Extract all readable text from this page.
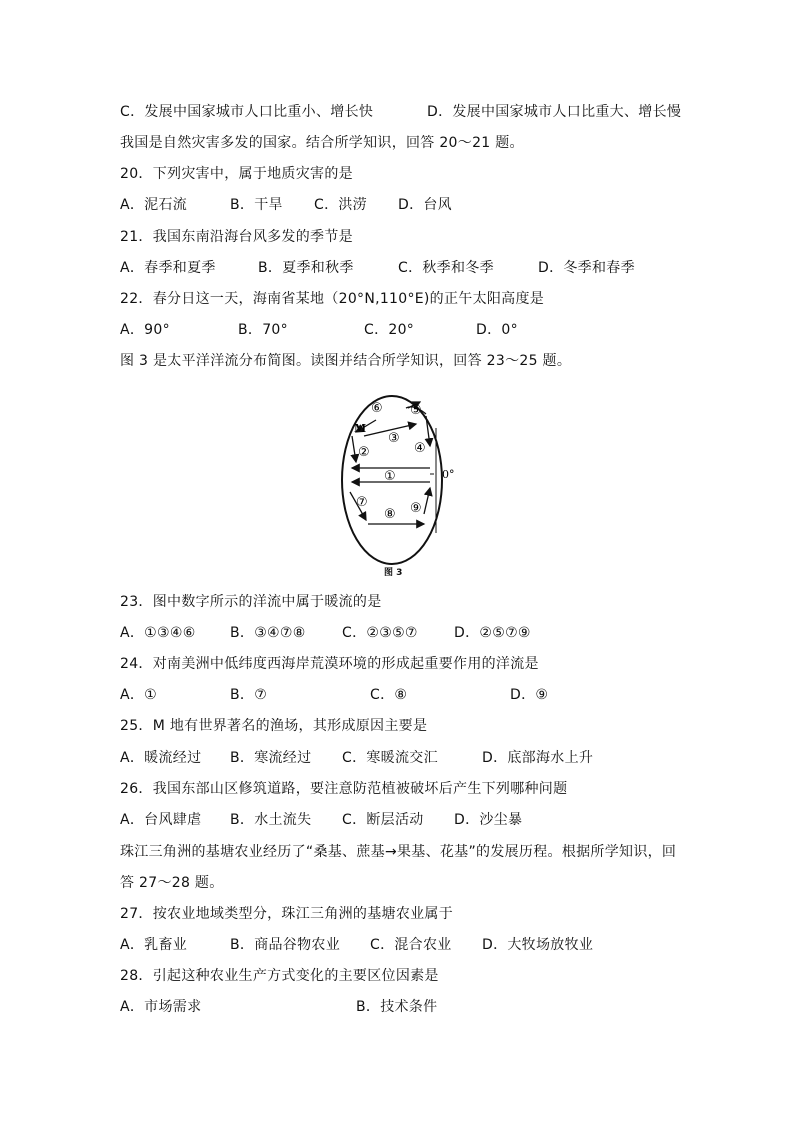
C．发展中国家城市人口比重小、增长快	D．发展中国家城市人口比重大、增长慢
我国是自然灾害多发的国家。结合所学知识，回答 20～21 题。
20．下列灾害中，属于地质灾害的是
A．泥石流	B．干旱 C．洪涝 D．台风
21．我国东南沿海台风多发的季节是
A．春季和夏季	B．夏季和秋季	C．秋季和冬季	D．冬季和春季
22．春分日这一天，海南省某地（20°N,110°E)的正午太阳高度是
A．90°	B．70°	C．20°	D．0°
图 3 是太平洋洋流分布简图。读图并结合所学知识，回答 23～25 题。
⑥ ⑤
M
②
③
④
①	0°
⑦	⑨
⑧
图 3
23．图中数字所示的洋流中属于暖流的是
A．①③④⑥ B．③④⑦⑧	C．②③⑤⑦	D．②⑤⑦⑨
24．对南美洲中低纬度西海岸荒漠环境的形成起重要作用的洋流是
A．①	B．⑦	C．⑧	D．⑨
25．M 地有世界著名的渔场，其形成原因主要是
A．暖流经过 B．寒流经过 C．寒暖流交汇	D．底部海水上升
26．我国东部山区修筑道路，要注意防范植被破坏后产生下列哪种问题
A．台风肆虐 B．水土流失 C．断层活动 D．沙尘暴
珠江三角洲的基塘农业经历了“桑基、蔗基→果基、花基”的发展历程。根据所学知识，回
答 27～28 题。
27．按农业地域类型分，珠江三角洲的基塘农业属于
A．乳畜业	B．商品谷物农业 C．混合农业 D．大牧场放牧业
28．引起这种农业生产方式变化的主要区位因素是
A．市场需求	B．技术条件
